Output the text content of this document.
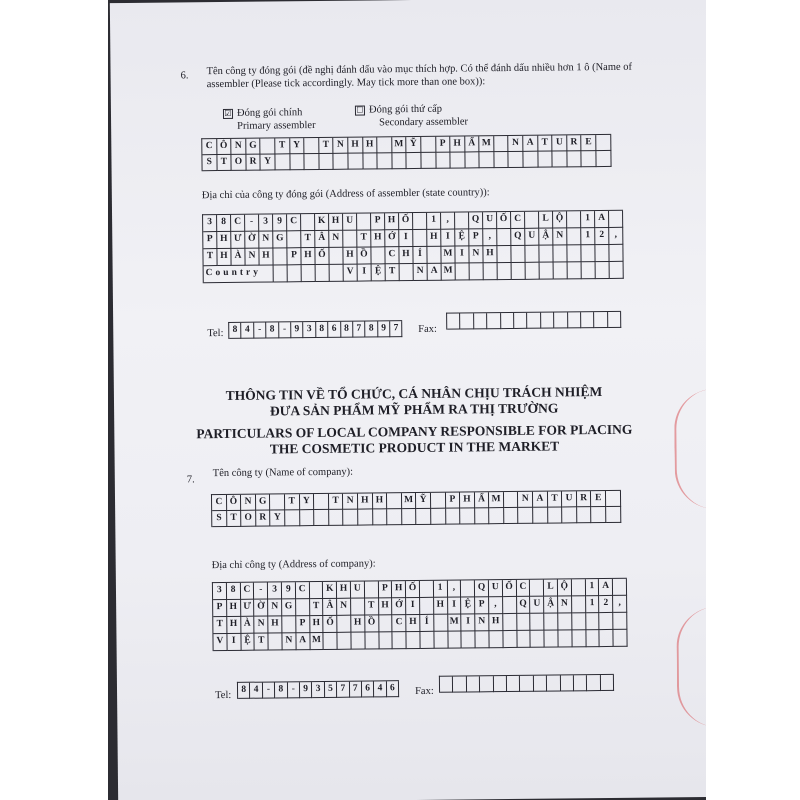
6. Tên công ty đóng gói (đề nghị đánh dấu vào mục thích hợp. Có thể đánh dấu nhiều hơn 1 ô (Name of
assembler (Please tick accordingly. May tick more than one box)):
☑ Đóng gói chính
Primary assembler
☐ Đóng gói thứ cấp
Secondary assembler
C Ô N G	T Y	T N H H	M Ỹ	P H Ẩ M	N A T U R E
S T O R Y
Địa chỉ của công ty đóng gói (Address of assembler (state country)):
3 8 C -	3 9 C	K H U	P H Ố	1	,	Q U Ố C	L Ộ	1 A
P H Ư Ờ N G	T Â N	T H Ớ I	H I Ệ P	,	Q U Ậ N	1 2	,
T H À N H	P H Ố	H Ồ	C H Í	M I N H
Country	V I Ệ T	N A M
Tel: 8 4 - 8 - 9 3 8 6 8 7 8 9 7	Fax:
THÔNG TIN VỀ TỔ CHỨC, CÁ NHÂN CHỊU TRÁCH NHIỆM
ĐƯA SẢN PHẨM MỸ PHẨM RA THỊ TRƯỜNG
PARTICULARS OF LOCAL COMPANY RESPONSIBLE FOR PLACING
THE COSMETIC PRODUCT IN THE MARKET
7.
Tên công ty (Name of company):
C Ô N G	T Y	T N H H	M Ỹ	P H Ẩ M	N A T U R E
S T O R Y
Địa chỉ công ty (Address of company):
3 8 C -	3 9 C	K H U	P H Ố	1	,	Q U Ố C	L Ộ	1 A
P H Ư Ờ N G	T Â N	T H Ớ I	H I Ệ P	,	Q U Ậ N	1 2	,
T H À N H	P H Ố	H Ồ	C H Í	M I N H
V I Ệ T	N A M
Tel:
8 4 - 8 - 9 3 5 7 7 6 4 6	Fax:
